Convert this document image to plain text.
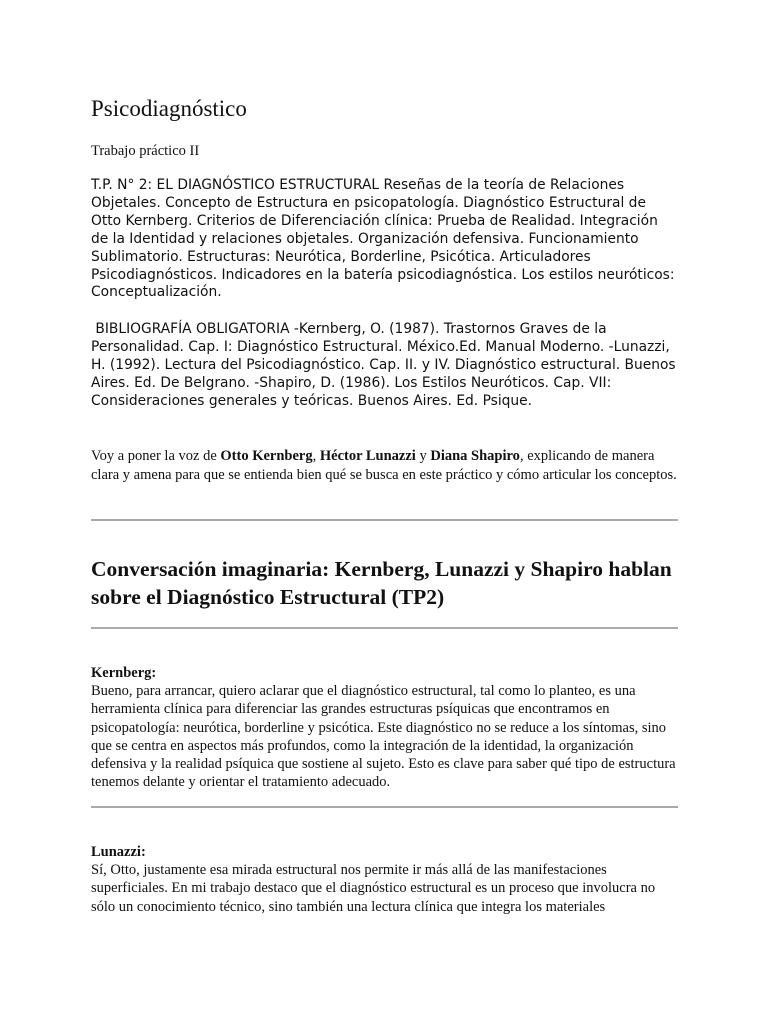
Psicodiagnóstico

Trabajo práctico II

T.P. N° 2: EL DIAGNÓSTICO ESTRUCTURAL Reseñas de la teoría de Relaciones Objetales. Concepto de Estructura en psicopatología. Diagnóstico Estructural de Otto Kernberg. Criterios de Diferenciación clínica: Prueba de Realidad. Integración de la Identidad y relaciones objetales. Organización defensiva. Funcionamiento Sublimatorio. Estructuras: Neurótica, Borderline, Psicótica. Articuladores Psicodiagnósticos. Indicadores en la batería psicodiagnóstica. Los estilos neuróticos: Conceptualización.

BIBLIOGRAFÍA OBLIGATORIA -Kernberg, O. (1987). Trastornos Graves de la Personalidad. Cap. I: Diagnóstico Estructural. México.Ed. Manual Moderno. -Lunazzi, H. (1992). Lectura del Psicodiagnóstico. Cap. II. y IV. Diagnóstico estructural. Buenos Aires. Ed. De Belgrano. -Shapiro, D. (1986). Los Estilos Neuróticos. Cap. VII: Consideraciones generales y teóricas. Buenos Aires. Ed. Psique.

Voy a poner la voz de Otto Kernberg, Héctor Lunazzi y Diana Shapiro, explicando de manera clara y amena para que se entienda bien qué se busca en este práctico y cómo articular los conceptos.

Conversación imaginaria: Kernberg, Lunazzi y Shapiro hablan sobre el Diagnóstico Estructural (TP2)

Kernberg:
Bueno, para arrancar, quiero aclarar que el diagnóstico estructural, tal como lo planteo, es una herramienta clínica para diferenciar las grandes estructuras psíquicas que encontramos en psicopatología: neurótica, borderline y psicótica. Este diagnóstico no se reduce a los síntomas, sino que se centra en aspectos más profundos, como la integración de la identidad, la organización defensiva y la realidad psíquica que sostiene al sujeto. Esto es clave para saber qué tipo de estructura tenemos delante y orientar el tratamiento adecuado.

Lunazzi:
Sí, Otto, justamente esa mirada estructural nos permite ir más allá de las manifestaciones superficiales. En mi trabajo destaco que el diagnóstico estructural es un proceso que involucra no sólo un conocimiento técnico, sino también una lectura clínica que integra los materiales
